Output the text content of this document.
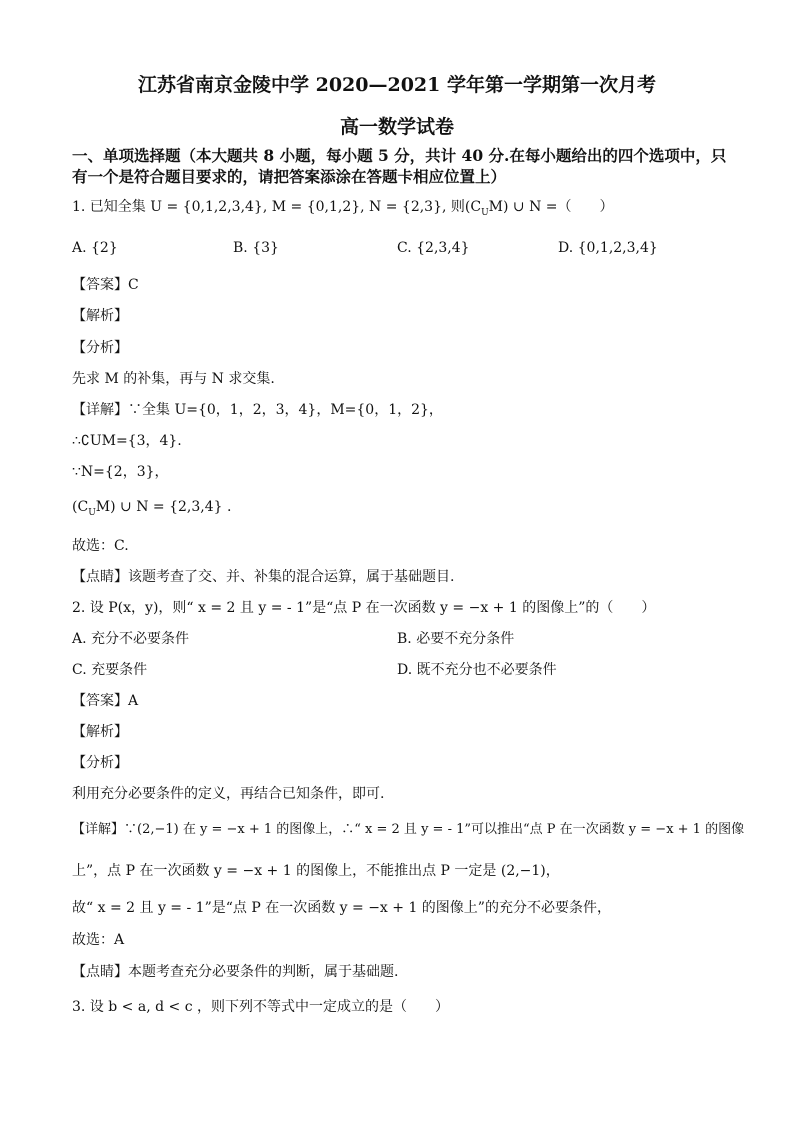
江苏省南京金陵中学 2020—2021 学年第一学期第一次月考
高一数学试卷
一、单项选择题（本大题共 8 小题，每小题 5 分，共计 40 分.在每小题给出的四个选项中，只
有一个是符合题目要求的，请把答案添涂在答题卡相应位置上）
1. 已知全集 U = {0,1,2,3,4}, M = {0,1,2}, N = {2,3}, 则$(C_UM)$ ∪ N =（　　）
A. {2}	B. {3}	C. {2,3,4}	D. {0,1,2,3,4}
【答案】C
【解析】
【分析】
先求 M 的补集，再与 N 求交集.
【详解】∵全集 U={0，1，2，3，4}，M={0，1，2}，
∴∁UM={3，4}.
∵N={2，3}，
$(C_UM)$ ∪ N = {2,3,4} .
故选：C.
【点睛】该题考查了交、并、补集的混合运算，属于基础题目.
2. 设 P(x，y)，则“ x = 2 且 y = - 1”是“点 P 在一次函数 y = −x + 1 的图像上”的（　　）
A. 充分不必要条件	B. 必要不充分条件
C. 充要条件	D. 既不充分也不必要条件
【答案】A
【解析】
【分析】
利用充分必要条件的定义，再结合已知条件，即可.
【详解】∵(2,−1) 在 y = −x + 1 的图像上，∴“ x = 2 且 y = - 1”可以推出“点 P 在一次函数 y = −x + 1 的图像
上”，点 P 在一次函数 y = −x + 1 的图像上，不能推出点 P 一定是 (2,−1)，
故“ x = 2 且 y = - 1”是“点 P 在一次函数 y = −x + 1 的图像上”的充分不必要条件，
故选：A
【点睛】本题考查充分必要条件的判断，属于基础题.
3. 设 b < a, d < c ，则下列不等式中一定成立的是（　　）
